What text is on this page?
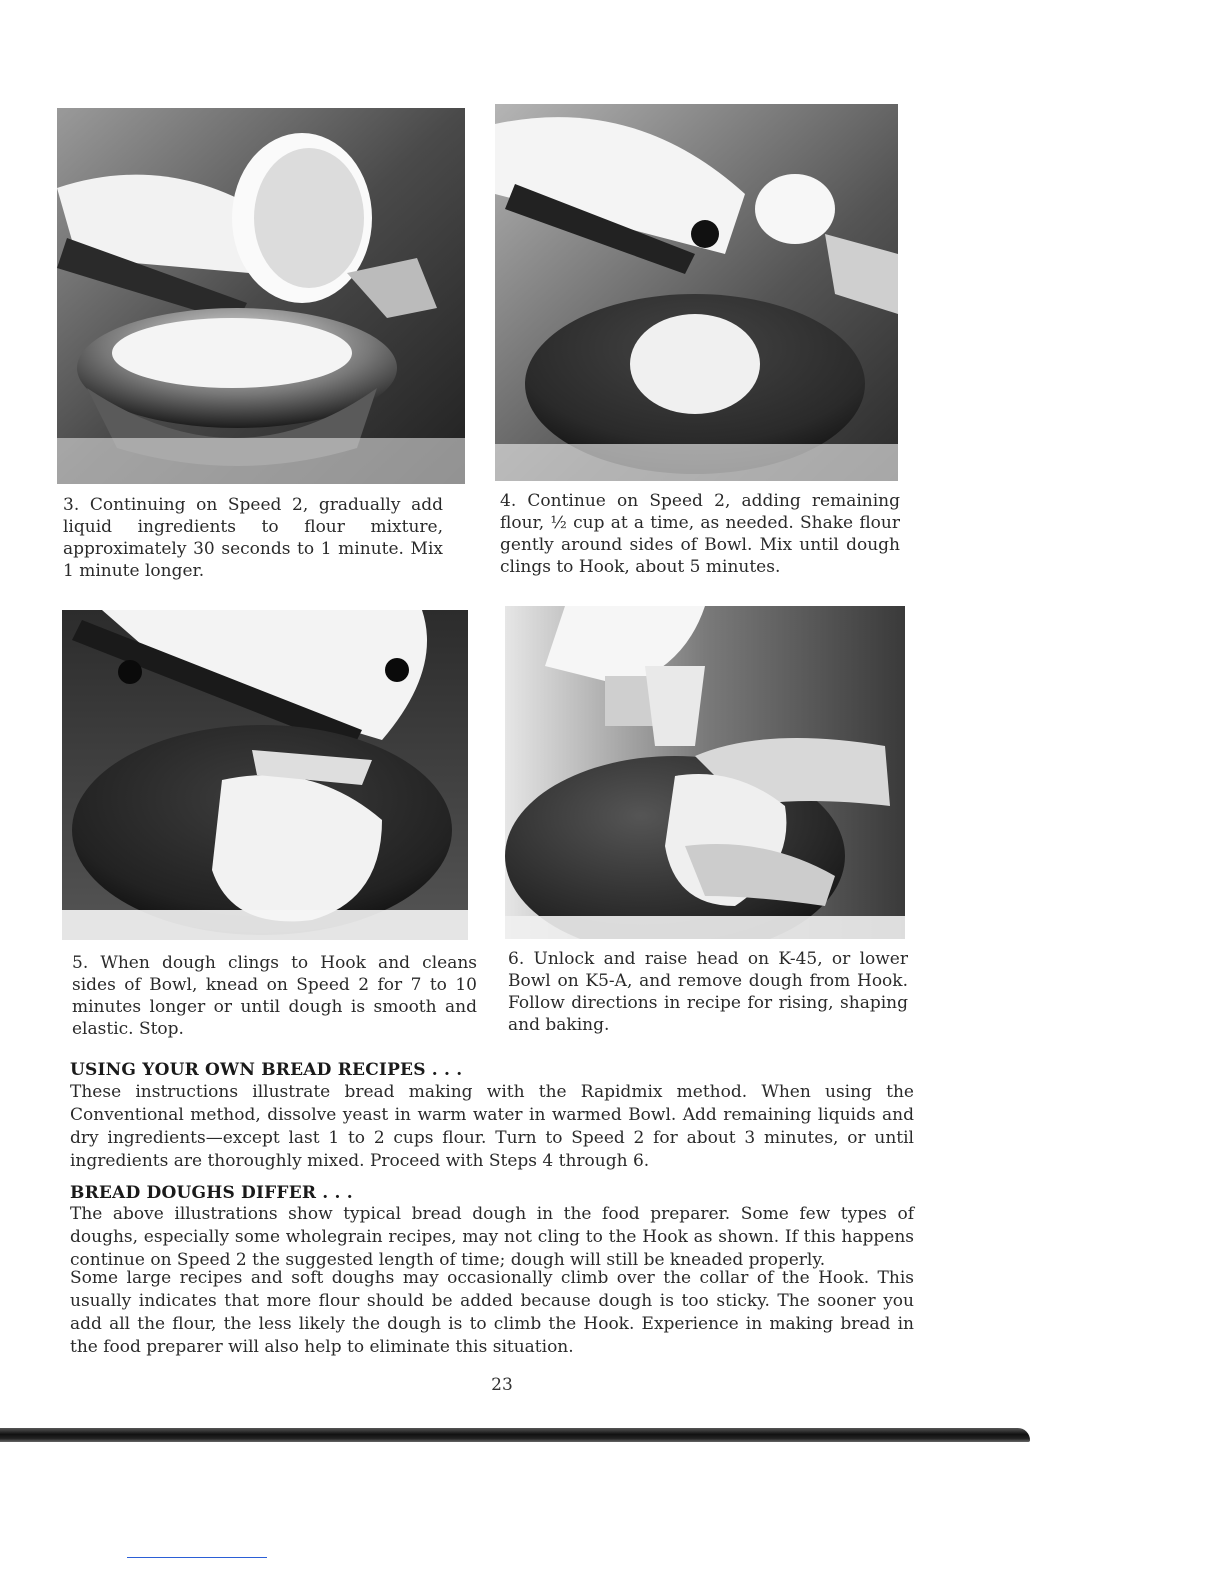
3. Continuing on Speed 2, gradually add liquid ingredients to flour mixture, approximately 30 seconds to 1 minute. Mix 1 minute longer.

4. Continue on Speed 2, adding remaining flour, ½ cup at a time, as needed. Shake flour gently around sides of Bowl. Mix until dough clings to Hook, about 5 minutes.

5. When dough clings to Hook and cleans sides of Bowl, knead on Speed 2 for 7 to 10 minutes longer or until dough is smooth and elastic. Stop.

6. Unlock and raise head on K-45, or lower Bowl on K5-A, and remove dough from Hook. Follow directions in recipe for rising, shaping and baking.

USING YOUR OWN BREAD RECIPES . . .

These instructions illustrate bread making with the Rapidmix method. When using the Conventional method, dissolve yeast in warm water in warmed Bowl. Add remaining liquids and dry ingredients—except last 1 to 2 cups flour. Turn to Speed 2 for about 3 minutes, or until ingredients are thoroughly mixed. Proceed with Steps 4 through 6.

BREAD DOUGHS DIFFER . . .

The above illustrations show typical bread dough in the food preparer. Some few types of doughs, especially some wholegrain recipes, may not cling to the Hook as shown. If this happens continue on Speed 2 the suggested length of time; dough will still be kneaded properly.

Some large recipes and soft doughs may occasionally climb over the collar of the Hook. This usually indicates that more flour should be added because dough is too sticky. The sooner you add all the flour, the less likely the dough is to climb the Hook. Experience in making bread in the food preparer will also help to eliminate this situation.

23
